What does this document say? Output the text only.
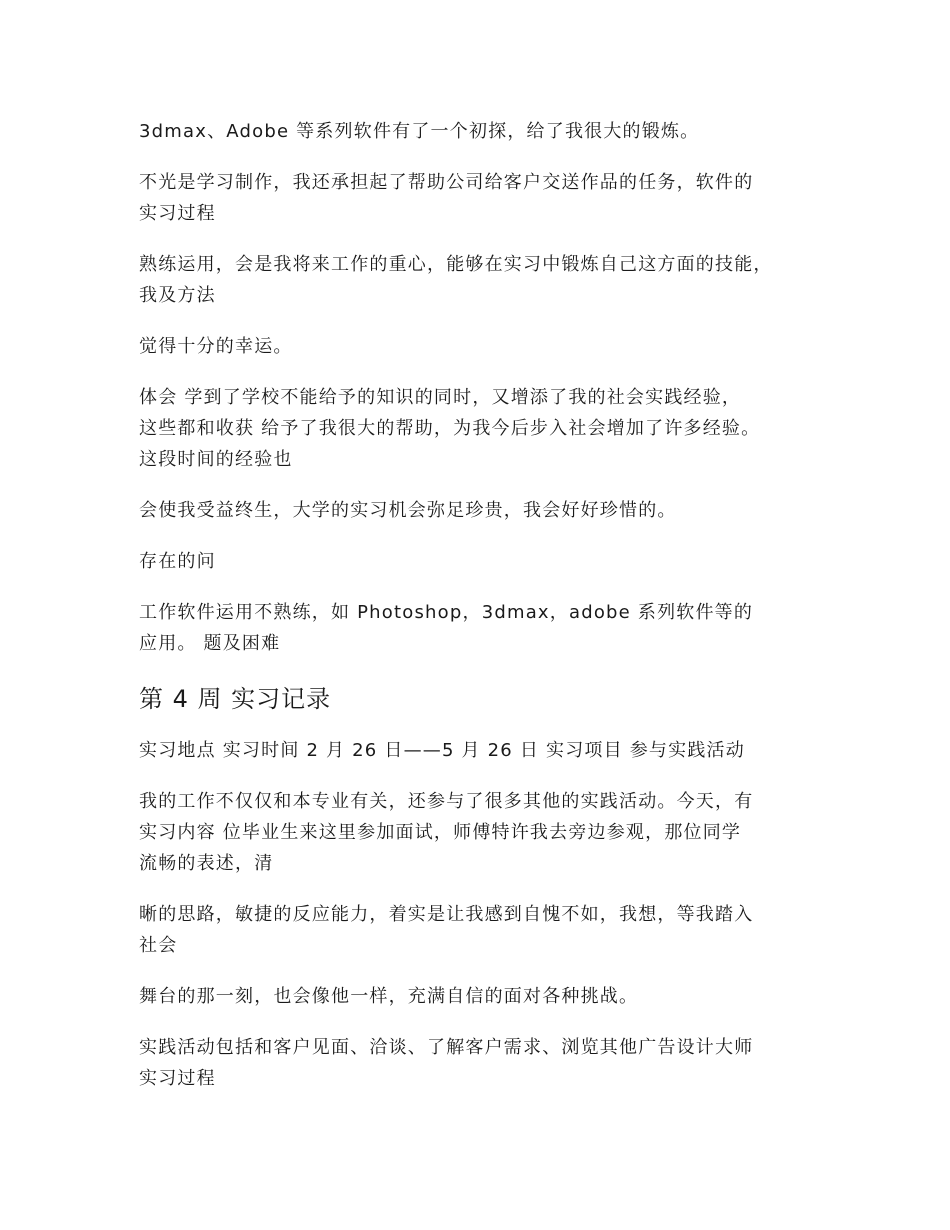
3dmax、Adobe 等系列软件有了一个初探，给了我很大的锻炼。

不光是学习制作，我还承担起了帮助公司给客户交送作品的任务，软件的
实习过程

熟练运用，会是我将来工作的重心，能够在实习中锻炼自己这方面的技能，
我及方法

觉得十分的幸运。

体会 学到了学校不能给予的知识的同时，又增添了我的社会实践经验，
这些都和收获 给予了我很大的帮助，为我今后步入社会增加了许多经验。
这段时间的经验也

会使我受益终生，大学的实习机会弥足珍贵，我会好好珍惜的。

存在的问

工作软件运用不熟练，如 Photoshop，3dmax，adobe 系列软件等的
应用。 题及困难

第 4 周 实习记录

实习地点 实习时间 2 月 26 日——5 月 26 日 实习项目 参与实践活动

我的工作不仅仅和本专业有关，还参与了很多其他的实践活动。今天，有
实习内容 位毕业生来这里参加面试，师傅特许我去旁边参观，那位同学
流畅的表述，清

晰的思路，敏捷的反应能力，着实是让我感到自愧不如，我想，等我踏入
社会

舞台的那一刻，也会像他一样，充满自信的面对各种挑战。

实践活动包括和客户见面、洽谈、了解客户需求、浏览其他广告设计大师
实习过程
